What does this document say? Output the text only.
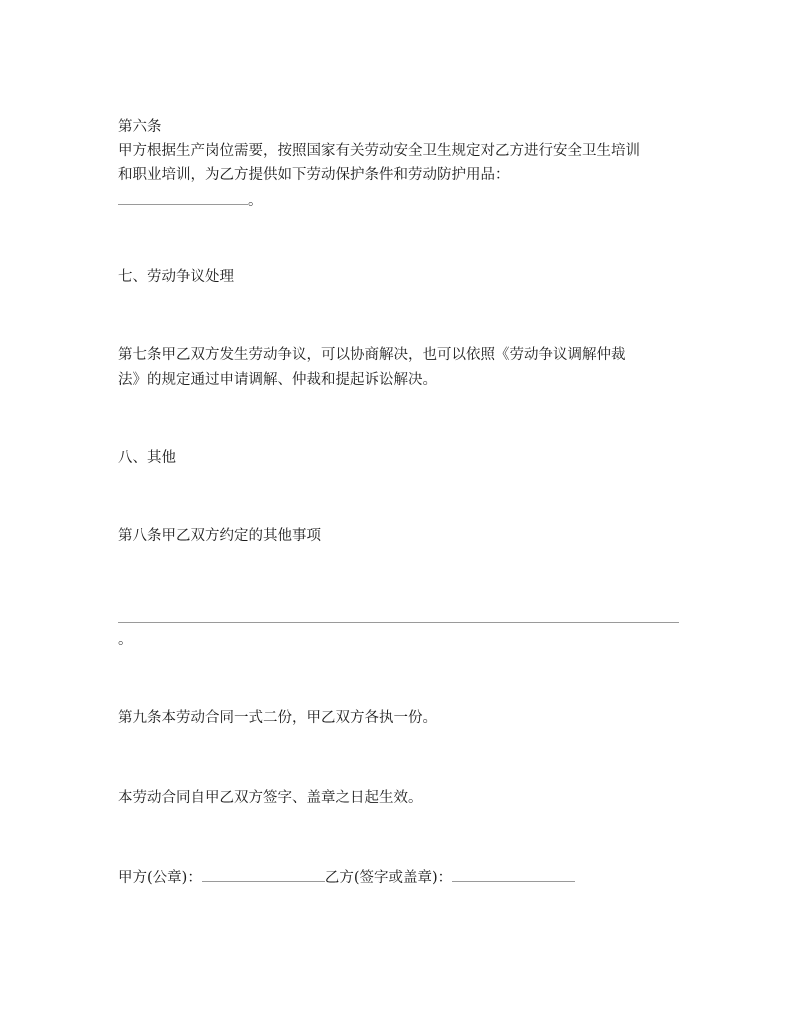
第六条
甲方根据生产岗位需要，按照国家有关劳动安全卫生规定对乙方进行安全卫生培训
和职业培训，为乙方提供如下劳动保护条件和劳动防护用品：
。
七、劳动争议处理
第七条甲乙双方发生劳动争议，可以协商解决，也可以依照《劳动争议调解仲裁
法》的规定通过申请调解、仲裁和提起诉讼解决。
八、其他
第八条甲乙双方约定的其他事项
。
第九条本劳动合同一式二份，甲乙双方各执一份。
本劳动合同自甲乙双方签字、盖章之日起生效。
甲方(公章)：	乙方(签字或盖章)：
